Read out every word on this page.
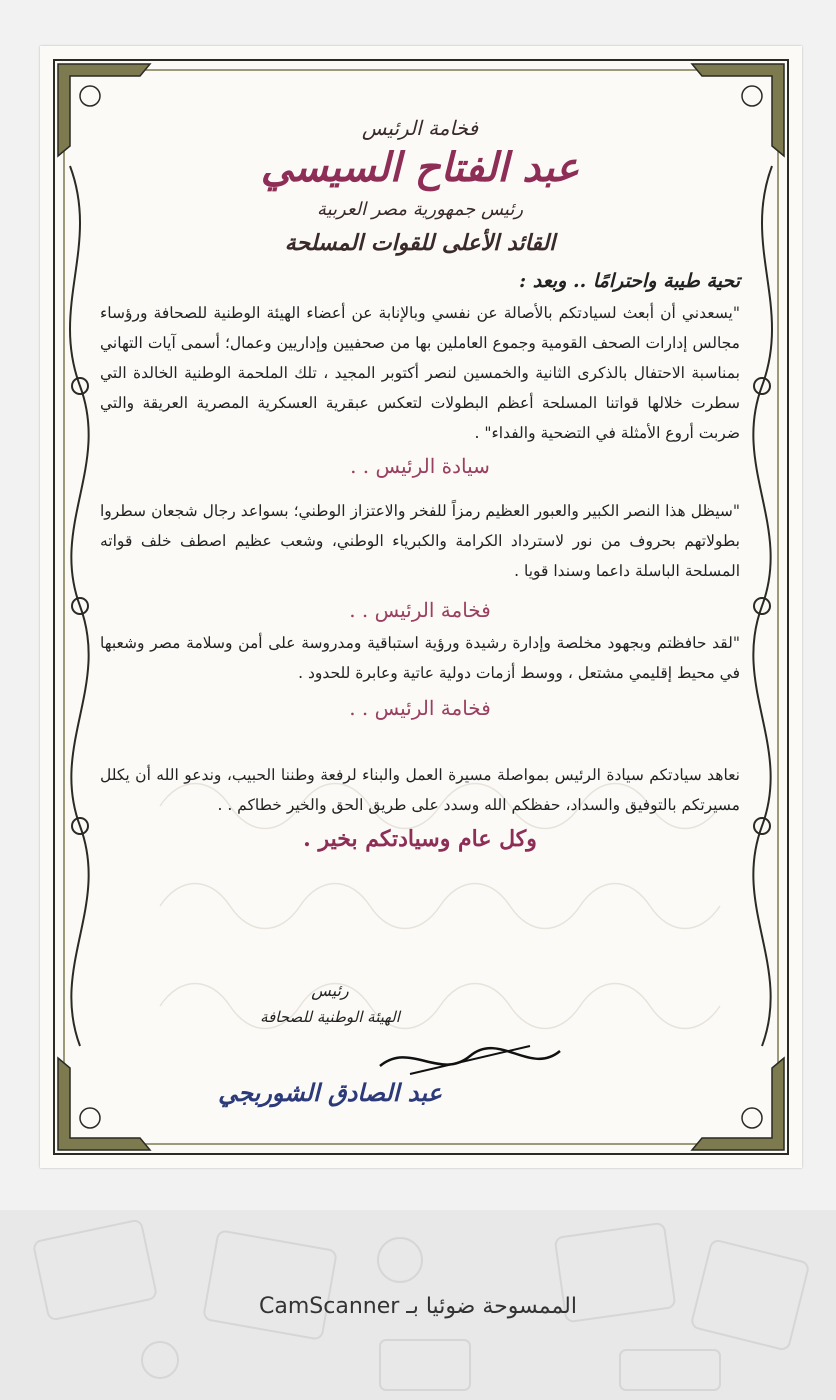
فخامة الرئيس
عبد الفتاح السيسي
رئيس جمهورية مصر العربية
القائد الأعلى للقوات المسلحة
تحية طيبة واحترامًا .. وبعد :
"يسعدني أن أبعث لسيادتكم بالأصالة عن نفسي وبالإنابة عن أعضاء الهيئة الوطنية للصحافة ورؤساء مجالس إدارات الصحف القومية وجموع العاملين بها من صحفيين وإداريين وعمال؛ أسمى آيات التهاني بمناسبة الاحتفال بالذكرى الثانية والخمسين لنصر أكتوبر المجيد ، تلك الملحمة الوطنية الخالدة التي سطرت خلالها قواتنا المسلحة أعظم البطولات لتعكس عبقرية العسكرية المصرية العريقة والتي ضربت أروع الأمثلة في التضحية والفداء" .
سيادة الرئيس . .
"سيظل هذا النصر الكبير والعبور العظيم رمزاً للفخر والاعتزاز الوطني؛ بسواعد رجال شجعان سطروا بطولاتهم بحروف من نور لاسترداد الكرامة والكبرياء الوطني، وشعب عظيم اصطف خلف قواته المسلحة الباسلة داعما وسندا قويا .
فخامة الرئيس . .
"لقد حافظتم وبجهود مخلصة وإدارة رشيدة ورؤية استباقية ومدروسة على أمن وسلامة مصر وشعبها في محيط إقليمي مشتعل ، ووسط أزمات دولية عاتية وعابرة للحدود .
فخامة الرئيس . .
نعاهد سيادتكم سيادة الرئيس بمواصلة مسيرة العمل والبناء لرفعة وطننا الحبيب، وندعو الله أن يكلل مسيرتكم بالتوفيق والسداد، حفظكم الله وسدد على طريق الحق والخير خطاكم . .
وكل عام وسيادتكم بخير .
رئيس
الهيئة الوطنية للصحافة
عبد الصادق الشوربجي
الممسوحة ضوئيا بـ CamScanner
